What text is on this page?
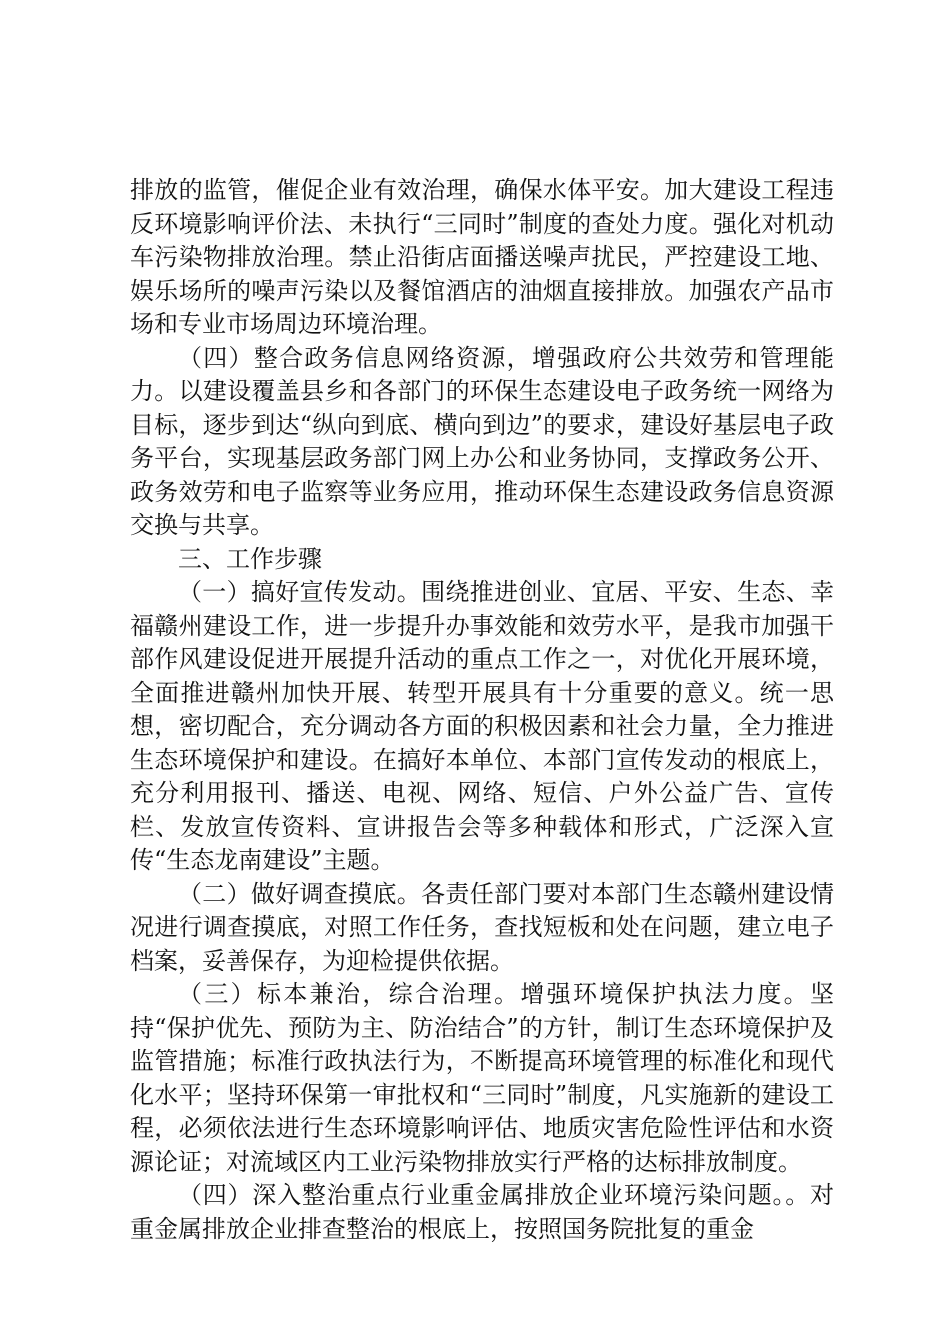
排放的监管，催促企业有效治理，确保水体平安。加大建设工程违反环境影响评价法、未执行“三同时”制度的查处力度。强化对机动车污染物排放治理。禁止沿街店面播送噪声扰民，严控建设工地、娱乐场所的噪声污染以及餐馆酒店的油烟直接排放。加强农产品市场和专业市场周边环境治理。

（四）整合政务信息网络资源，增强政府公共效劳和管理能力。以建设覆盖县乡和各部门的环保生态建设电子政务统一网络为目标，逐步到达“纵向到底、横向到边”的要求，建设好基层电子政务平台，实现基层政务部门网上办公和业务协同，支撑政务公开、政务效劳和电子监察等业务应用，推动环保生态建设政务信息资源交换与共享。

三、工作步骤

（一）搞好宣传发动。围绕推进创业、宜居、平安、生态、幸福赣州建设工作，进一步提升办事效能和效劳水平，是我市加强干部作风建设促进开展提升活动的重点工作之一，对优化开展环境，全面推进赣州加快开展、转型开展具有十分重要的意义。统一思想，密切配合，充分调动各方面的积极因素和社会力量，全力推进生态环境保护和建设。在搞好本单位、本部门宣传发动的根底上，充分利用报刊、播送、电视、网络、短信、户外公益广告、宣传栏、发放宣传资料、宣讲报告会等多种载体和形式，广泛深入宣传“生态龙南建设”主题。

（二）做好调查摸底。各责任部门要对本部门生态赣州建设情况进行调查摸底，对照工作任务，查找短板和处在问题，建立电子档案，妥善保存，为迎检提供依据。

（三）标本兼治，综合治理。增强环境保护执法力度。坚持“保护优先、预防为主、防治结合”的方针，制订生态环境保护及监管措施；标准行政执法行为，不断提高环境管理的标准化和现代化水平；坚持环保第一审批权和“三同时”制度，凡实施新的建设工程，必须依法进行生态环境影响评估、地质灾害危险性评估和水资源论证；对流域区内工业污染物排放实行严格的达标排放制度。

（四）深入整治重点行业重金属排放企业环境污染问题。。对重金属排放企业排查整治的根底上，按照国务院批复的重金
